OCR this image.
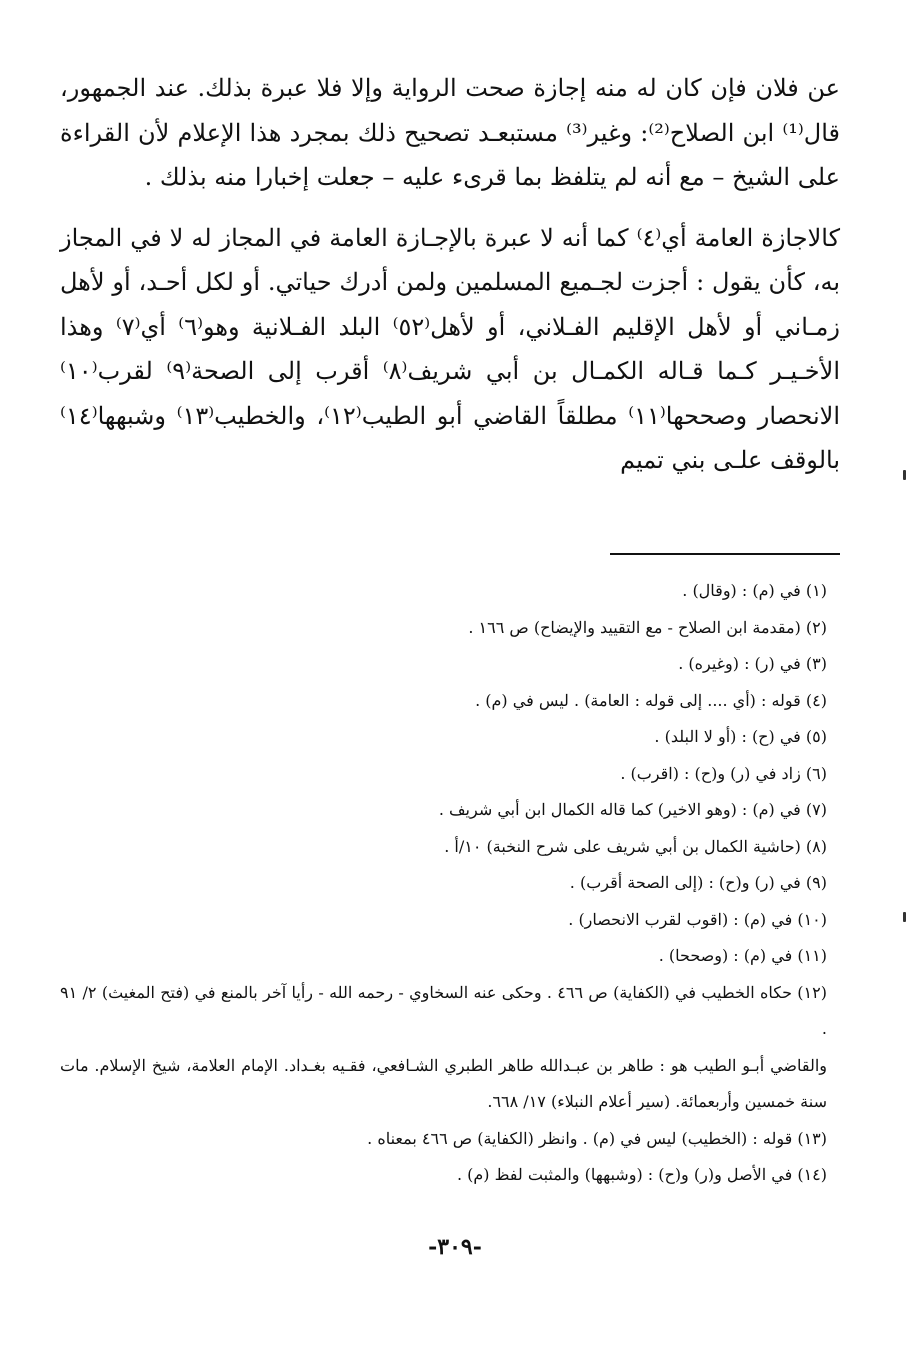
عن فلان فإن كان له منه إجازة صحت الرواية وإلا فلا عبرة بذلك. عند الجمهور، قال⁽¹⁾ ابن الصلاح⁽²⁾: وغير⁽³⁾ مستبعـد تصحيح ذلك بمجرد هذا الإعلام لأن القراءة على الشيخ – مع أنه لم يتلفظ بما قرىء عليه – جعلت إخبارا منه بذلك .

كالاجازة العامة أي⁽٤⁾ كما أنه لا عبرة بالإجـازة العامة في المجاز له لا في المجاز به، كأن يقول : أجزت لجـميع المسلمين ولمن أدرك حياتي. أو لكل أحـد، أو لأهل زمـاني أو لأهل الإقليم الفـلاني، أو لأهل⁽٥٢⁾ البلد الفـلانية وهو⁽٦⁾ أي⁽٧⁾ وهذا الأخـيـر كـما قـاله الكمـال بن أبي شريف⁽٨⁾ أقرب إلى الصحة⁽٩⁾ لقرب⁽١٠⁾ الانحصار وصححها⁽١١⁾ مطلقاً القاضي أبو الطيب⁽١٢⁾، والخطيب⁽١٣⁾ وشبهها⁽١٤⁾ بالوقف علـى بني تميم

(١) في (م) : (وقال) .

(٢) (مقدمة ابن الصلاح - مع التقييد والإيضاح) ص ١٦٦ .

(٣) في (ر) : (وغيره) .

(٤) قوله : (أي .... إلى قوله : العامة) . ليس في (م) .

(٥) في (ح) : (أو لا البلد) .

(٦) زاد في (ر) و(ح) : (اقرب) .

(٧) في (م) : (وهو الاخير) كما قاله الكمال ابن أبي شريف .

(٨) (حاشية الكمال بن أبي شريف على شرح النخبة) ١٠/أ .

(٩) في (ر) و(ح) : (إلى الصحة أقرب) .

(١٠) في (م) : (اقوب لقرب الانحصار) .

(١١) في (م) : (وصححا) .

(١٢) حكاه الخطيب في (الكفاية) ص ٤٦٦ . وحكى عنه السخاوي - رحمه الله - رأيا آخر بالمنع في (فتح المغيث) ٢/ ٩١ .

والقاضي أبـو الطيب هو : طاهر بن عبـدالله طاهر الطبري الشـافعي، فقـيه بغـداد. الإمام العلامة، شيخ الإسلام. مات سنة خمسين وأربعمائة. (سير أعلام النبلاء) ١٧/ ٦٦٨.

(١٣) قوله : (الخطيب) ليس في (م) . وانظر (الكفاية) ص ٤٦٦ بمعناه .

(١٤) في الأصل و(ر) و(ح) : (وشبهها) والمثبت لفظ (م) .

-٣٠٩-
